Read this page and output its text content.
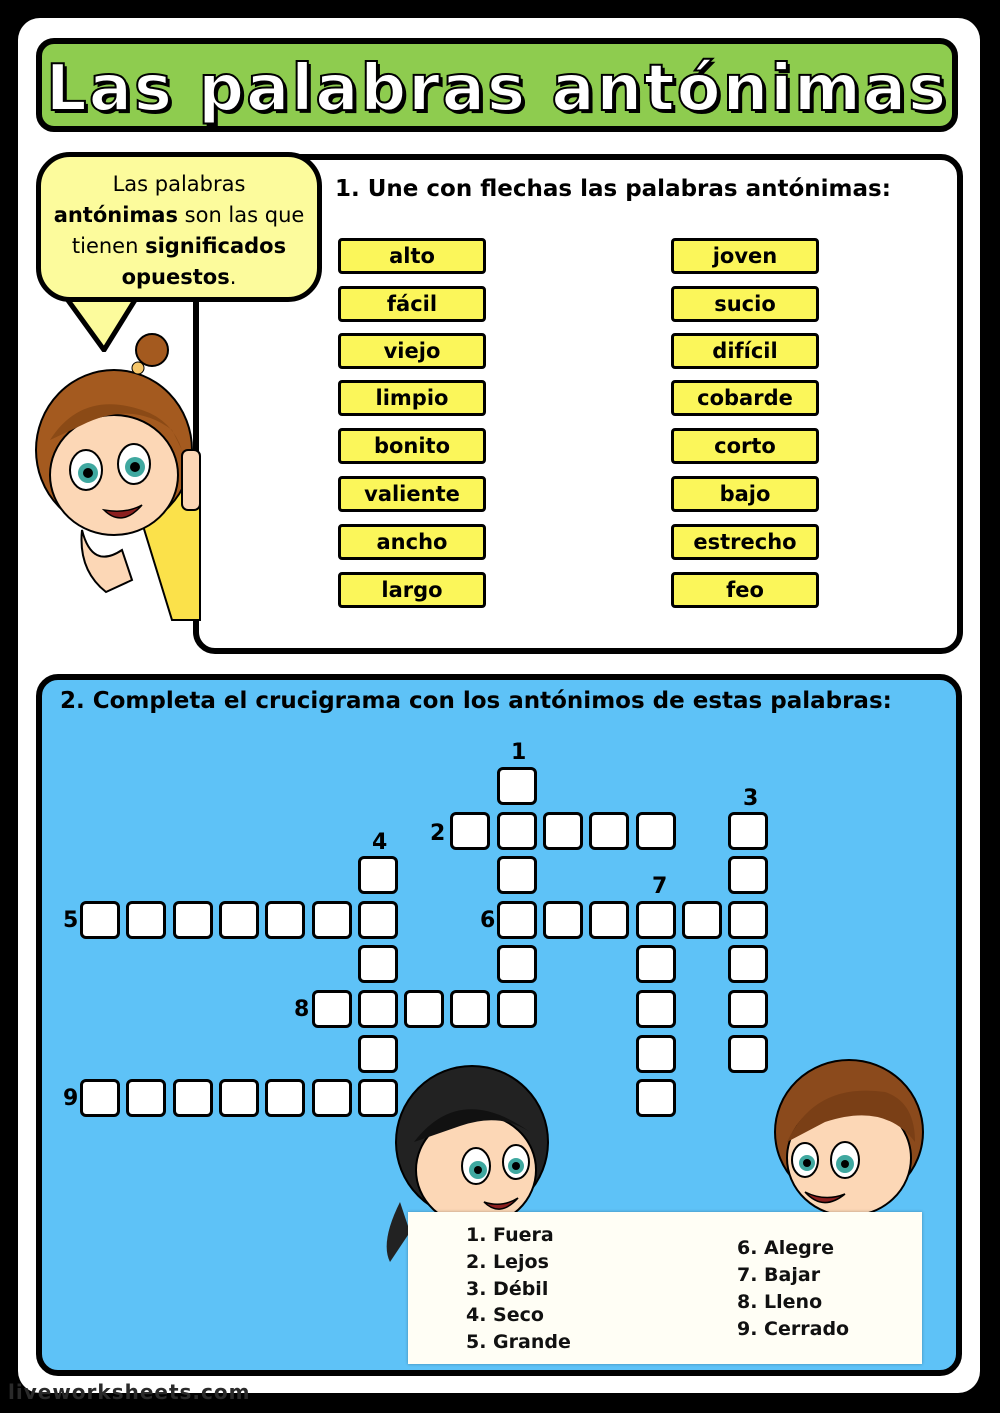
Las palabras antónimas
1. Une con flechas las palabras antónimas:
alto
fácil
viejo
limpio
bonito
valiente
ancho
largo
joven
sucio
difícil
cobarde
corto
bajo
estrecho
feo
Las palabras
antónimas son las que
tienen significados
opuestos.
2. Completa el crucigrama con los antónimos de estas palabras:
1
2
3
4
5	6
7
8
9
1. Fuera
2. Lejos
3. Débil
4. Seco
5. Grande
6. Alegre
7. Bajar
8. Lleno
9. Cerrado
liveworksheets.com
